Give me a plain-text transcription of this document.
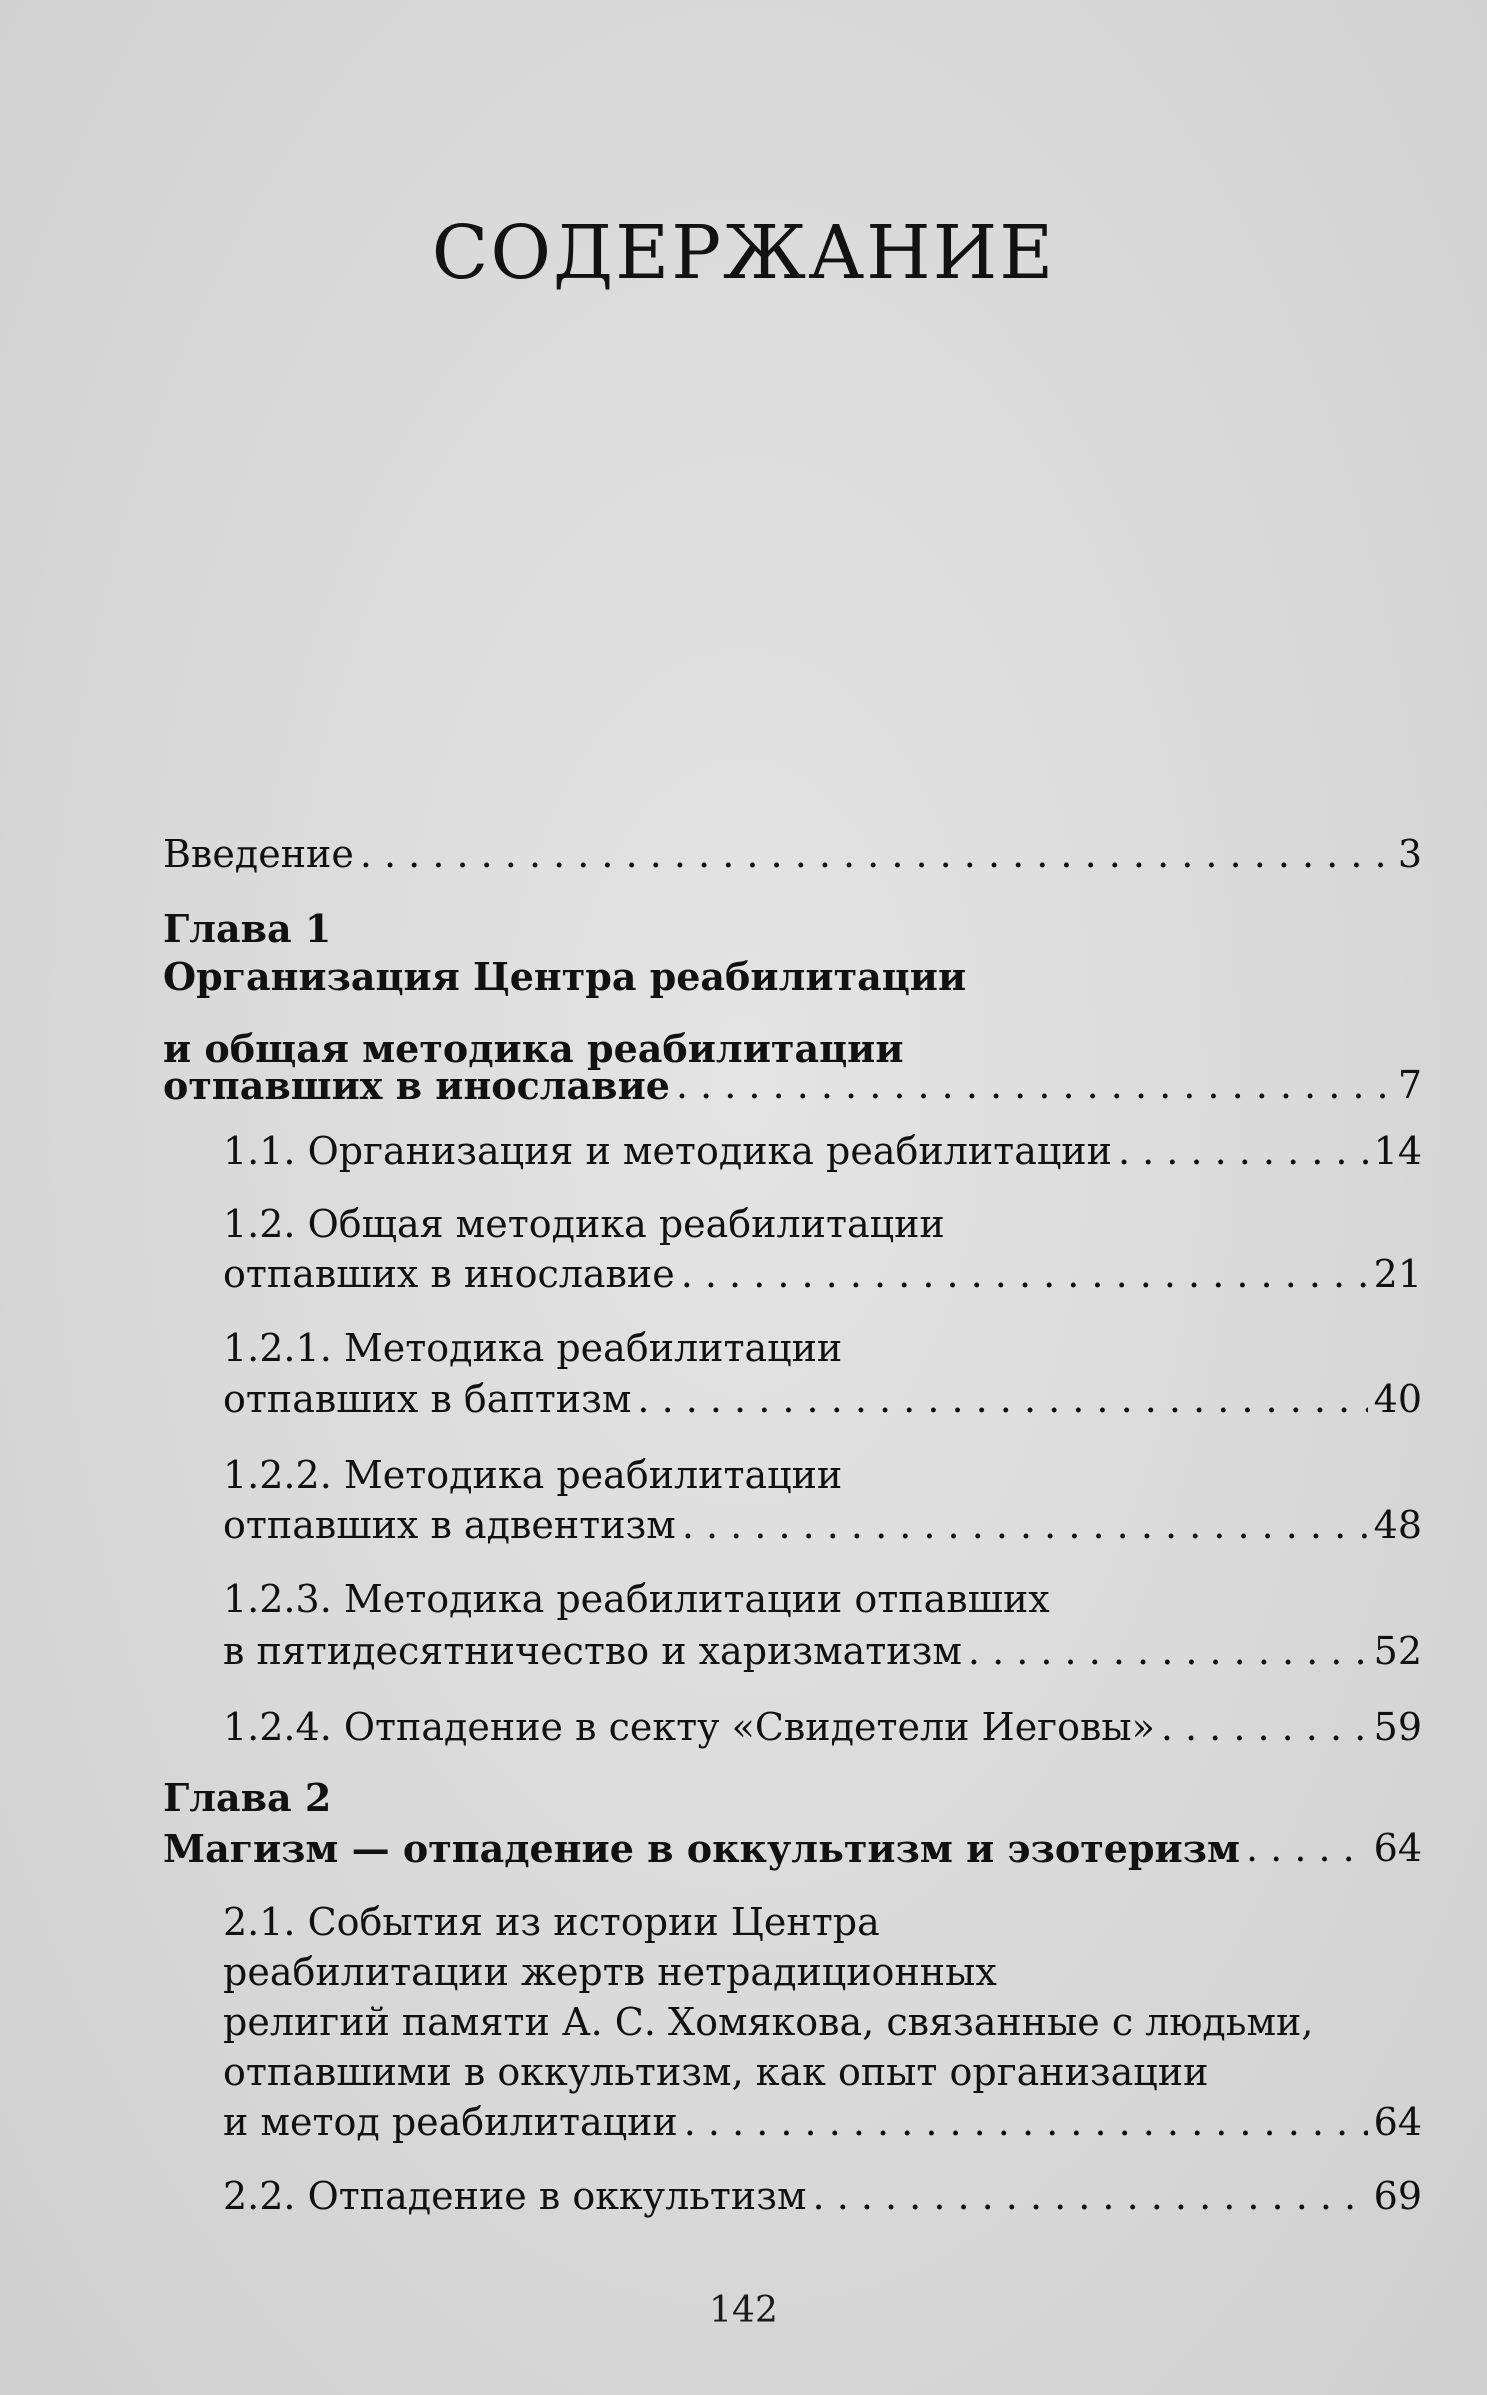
СОДЕРЖАНИЕ
Введение . . .	3
Глава 1
Организация Центра реабилитации
и общая методика реабилитации
отпавших в инославие . . .	7
1.1. Организация и методика реабилитации . . .	14
1.2. Общая методика реабилитации
отпавших в инославие . . .	21
1.2.1. Методика реабилитации
отпавших в баптизм . . .	40
1.2.2. Методика реабилитации
отпавших в адвентизм . . .	48
1.2.3. Методика реабилитации отпавших
в пятидесятничество и харизматизм . . .	52
1.2.4. Отпадение в секту «Свидетели Иеговы» . . .	59
Глава 2
Магизм — отпадение в оккультизм и эзотеризм . . .	64
2.1. События из истории Центра
реабилитации жертв нетрадиционных
религий памяти А. С. Хомякова, связанные с людьми,
отпавшими в оккультизм, как опыт организации
и метод реабилитации . . .	64
2.2. Отпадение в оккультизм . . .	69
142
